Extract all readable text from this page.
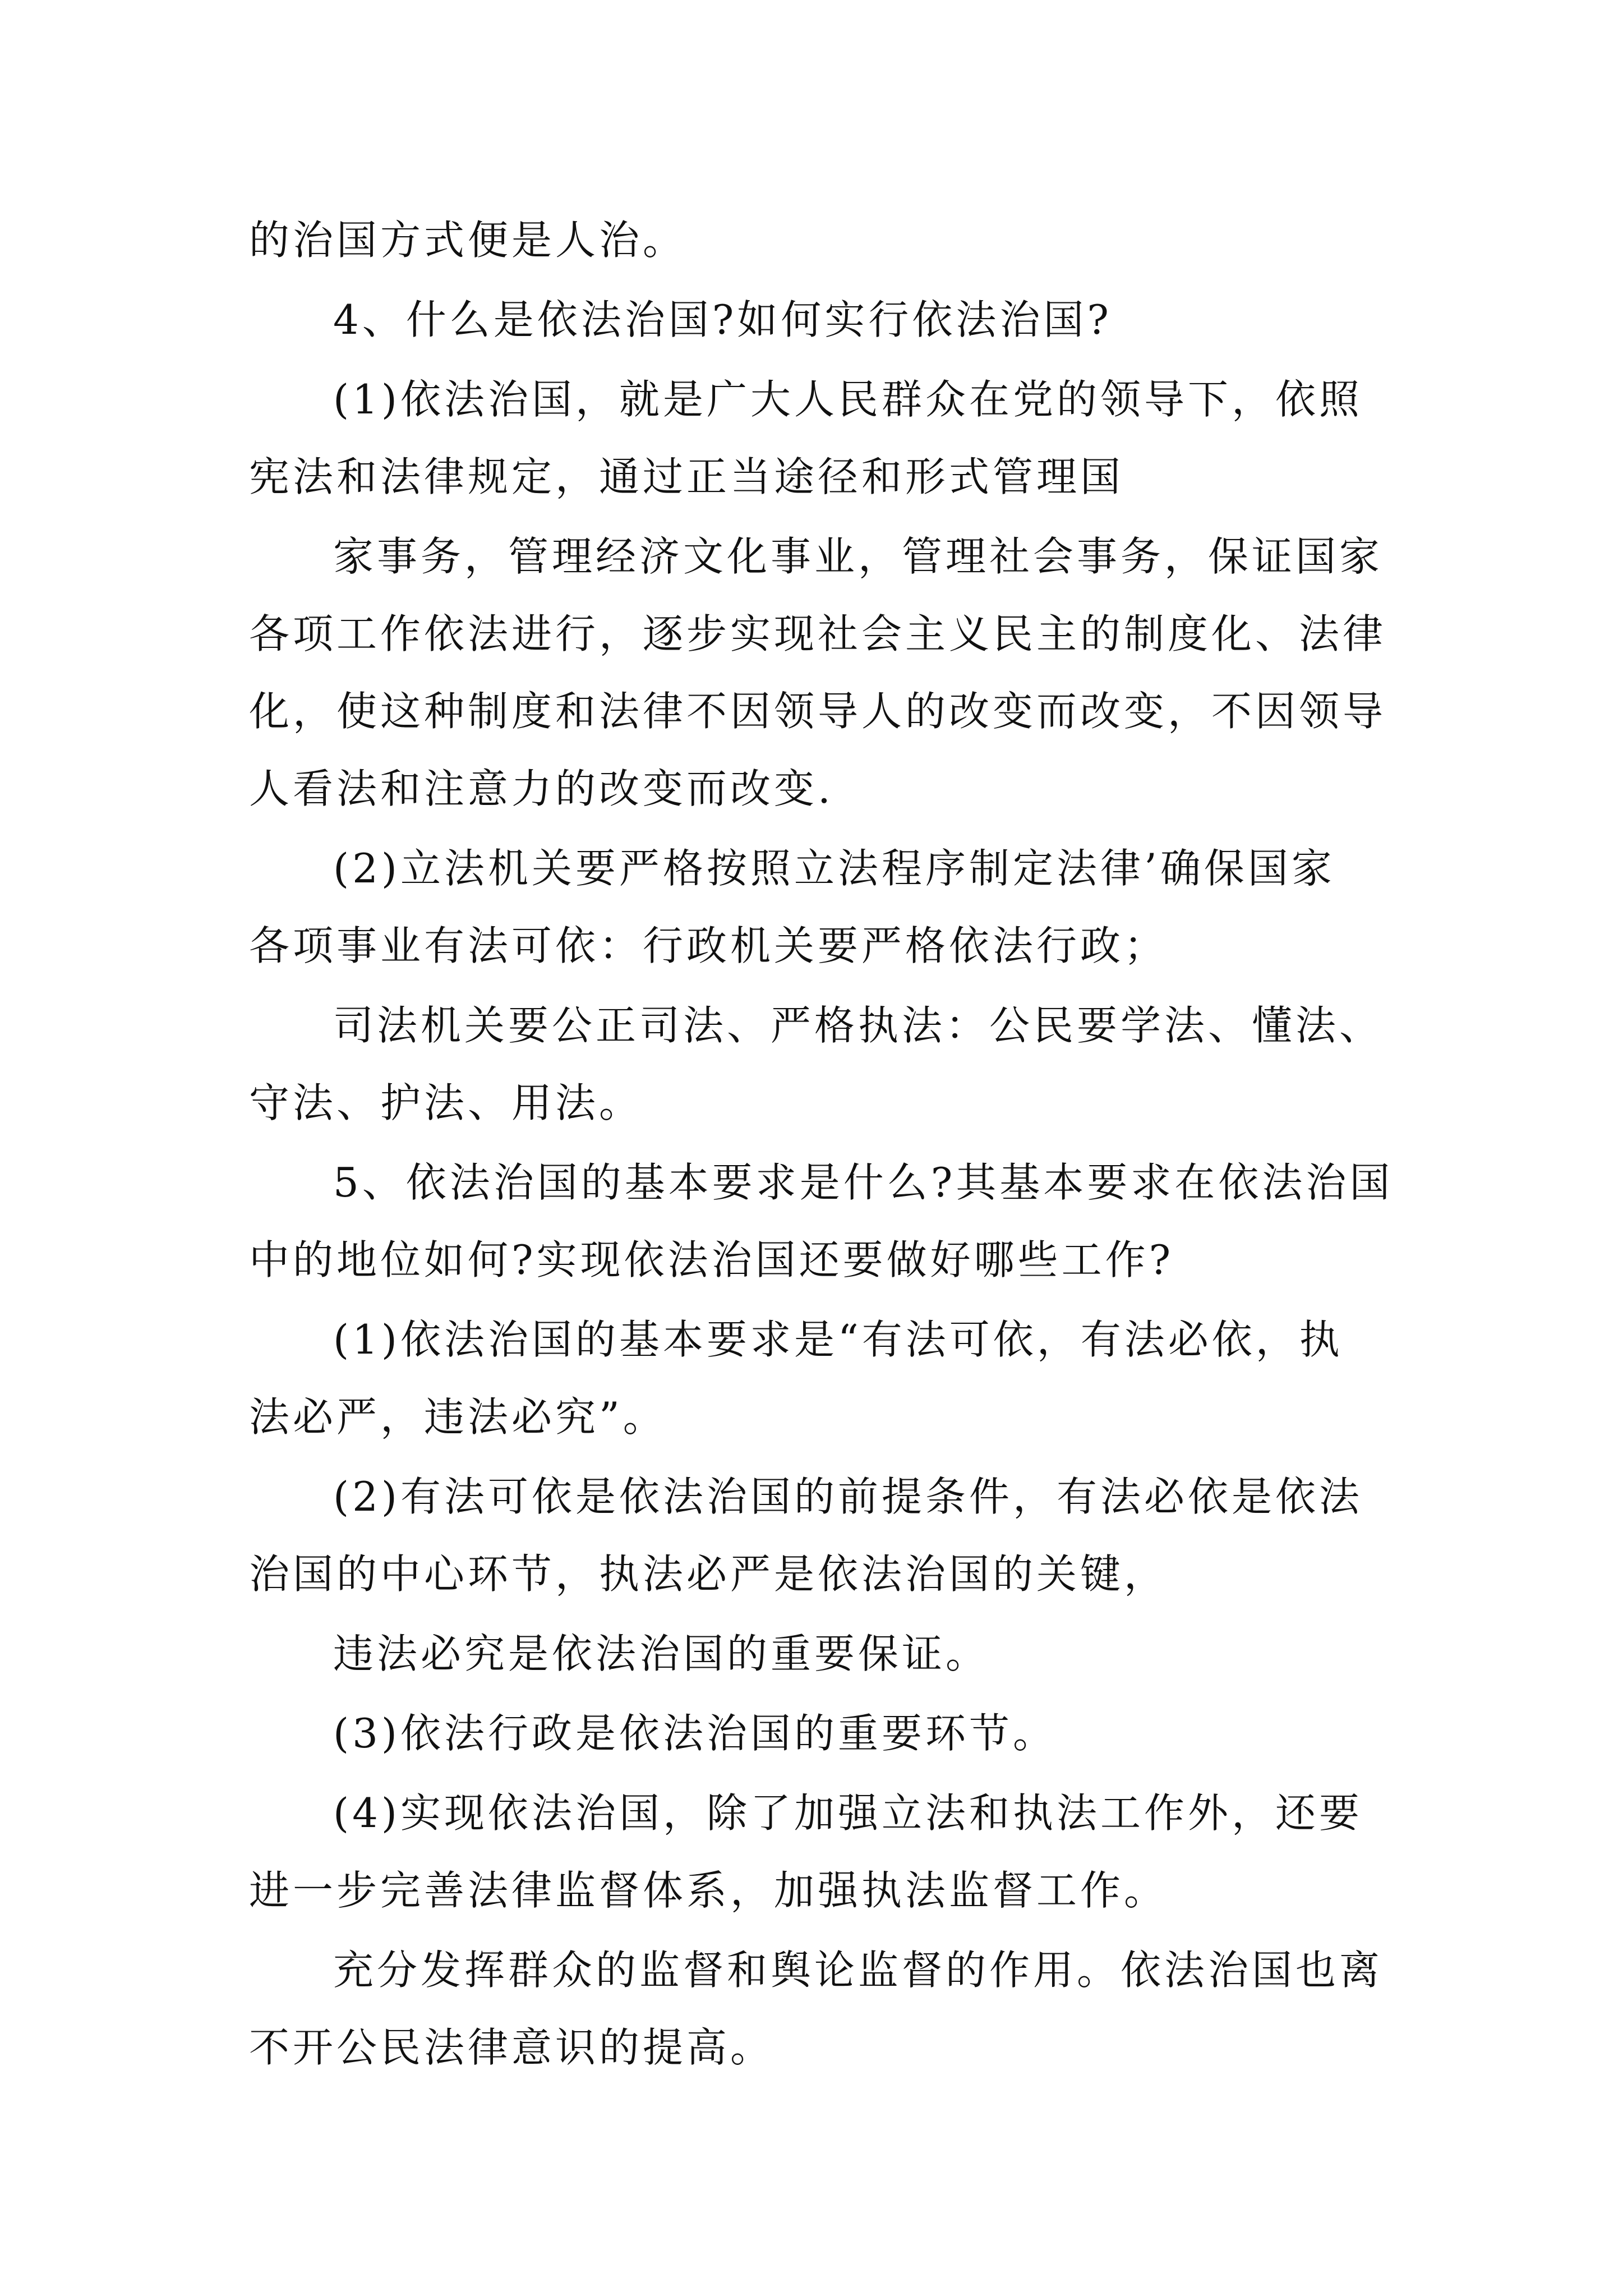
的治国方式便是人治。
4、什么是依法治国?如何实行依法治国?
(1)依法治国，就是广大人民群众在党的领导下，依照
宪法和法律规定，通过正当途径和形式管理国
家事务，管理经济文化事业，管理社会事务，保证国家
各项工作依法进行，逐步实现社会主义民主的制度化、法律
化，使这种制度和法律不因领导人的改变而改变，不因领导
人看法和注意力的改变而改变.
(2)立法机关要严格按照立法程序制定法律’确保国家
各项事业有法可依：行政机关要严格依法行政；
司法机关要公正司法、严格执法：公民要学法、懂法、
守法、护法、用法。
5、依法治国的基本要求是什么?其基本要求在依法治国
中的地位如何?实现依法治国还要做好哪些工作?
(1)依法治国的基本要求是“有法可依，有法必依，执
法必严，违法必究”。
(2)有法可依是依法治国的前提条件，有法必依是依法
治国的中心环节，执法必严是依法治国的关键，
违法必究是依法治国的重要保证。
(3)依法行政是依法治国的重要环节。
(4)实现依法治国，除了加强立法和执法工作外，还要
进一步完善法律监督体系，加强执法监督工作。
充分发挥群众的监督和舆论监督的作用。依法治国也离
不开公民法律意识的提高。
